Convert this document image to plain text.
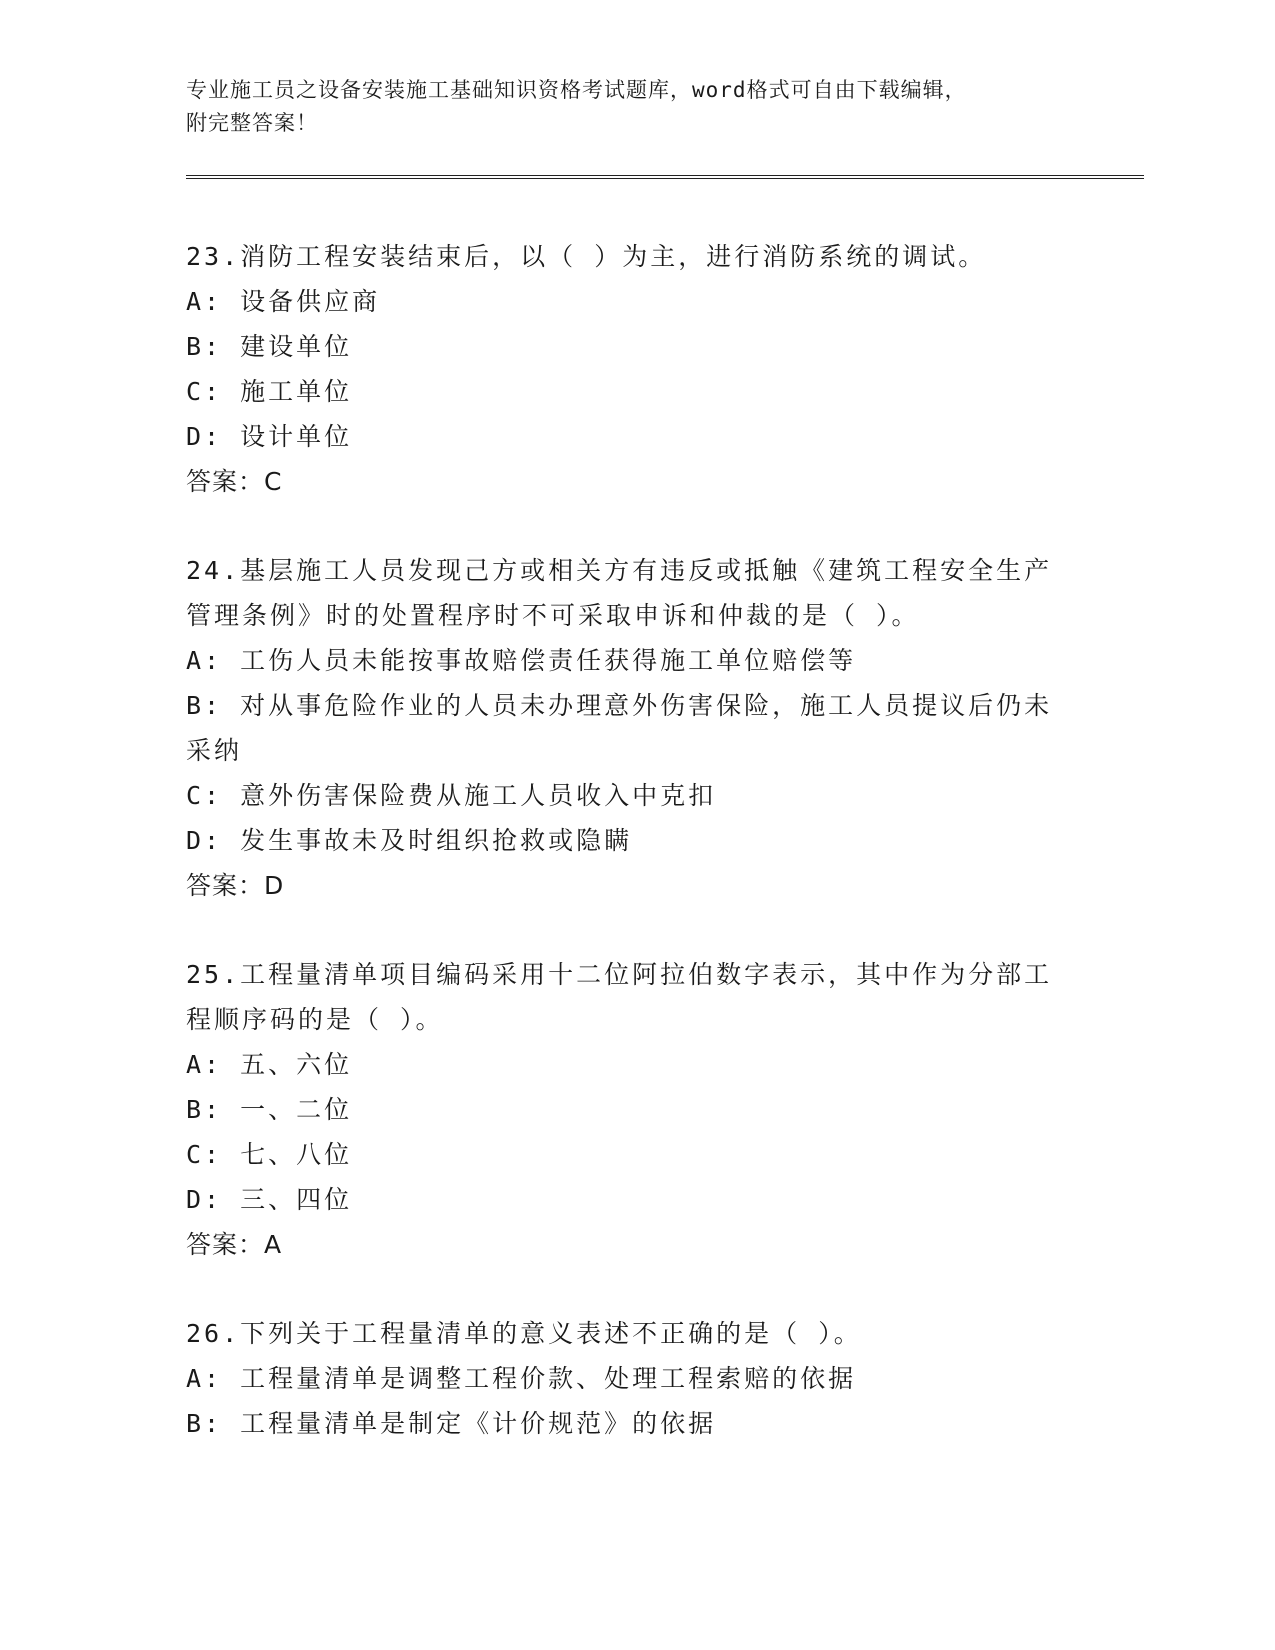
专业施工员之设备安装施工基础知识资格考试题库，word格式可自由下载编辑，
附完整答案！
23.消防工程安装结束后，以（ ）为主，进行消防系统的调试。
A: 设备供应商
B: 建设单位
C: 施工单位
D: 设计单位
答案：C
24.基层施工人员发现己方或相关方有违反或抵触《建筑工程安全生产
管理条例》时的处置程序时不可采取申诉和仲裁的是（ ）。
A: 工伤人员未能按事故赔偿责任获得施工单位赔偿等
B: 对从事危险作业的人员未办理意外伤害保险，施工人员提议后仍未
采纳
C: 意外伤害保险费从施工人员收入中克扣
D: 发生事故未及时组织抢救或隐瞒
答案：D
25.工程量清单项目编码采用十二位阿拉伯数字表示，其中作为分部工
程顺序码的是（ ）。
A: 五、六位
B: 一、二位
C: 七、八位
D: 三、四位
答案：A
26.下列关于工程量清单的意义表述不正确的是（ ）。
A: 工程量清单是调整工程价款、处理工程索赔的依据
B: 工程量清单是制定《计价规范》的依据
